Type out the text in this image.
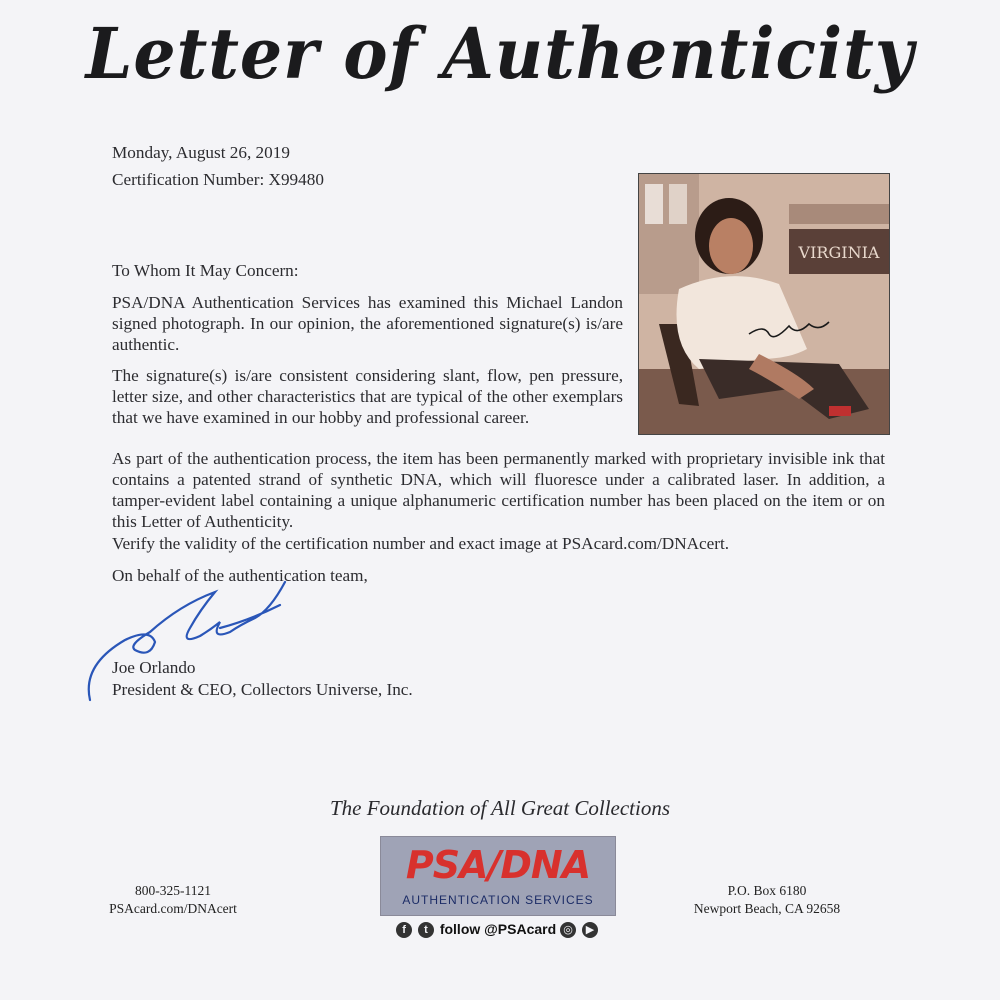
Letter of Authenticity
Monday, August 26, 2019
Certification Number: X99480
VIRGINIA
To Whom It May Concern:
PSA/DNA Authentication Services has examined this Michael Landon signed photograph. In our opinion, the aforementioned signature(s) is/are authentic.
The signature(s) is/are consistent considering slant, flow, pen pressure, letter size, and other characteristics that are typical of the other exemplars that we have examined in our hobby and professional career.
As part of the authentication process, the item has been permanently marked with proprietary invisible ink that contains a patented strand of synthetic DNA, which will fluoresce under a calibrated laser. In addition, a tamper-evident label containing a unique alphanumeric certification number has been placed on the item or on this Letter of Authenticity.
Verify the validity of the certification number and exact image at PSAcard.com/DNAcert.
On behalf of the authentication team,
Joe Orlando
President & CEO, Collectors Universe, Inc.
The Foundation of All Great Collections
800-325-1121
PSAcard.com/DNAcert
PSA/DNA
AUTHENTICATION SERVICES
f t follow @PSAcard ◎ ▶
P.O. Box 6180
Newport Beach, CA 92658
